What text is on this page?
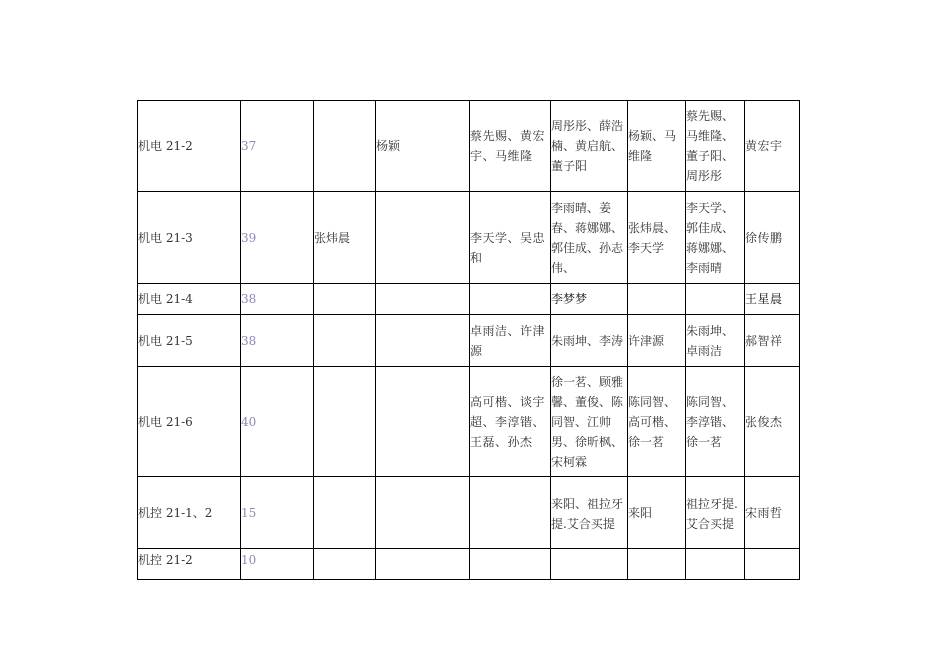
机电 21-2	37		杨颖	蔡先赐、黄宏宇、马维隆	周彤彤、薛浩楠、黄启航、董子阳	杨颖、马维隆	蔡先赐、马维隆、董子阳、周彤彤	黄宏宇
机电 21-3	39	张炜晨		李天学、吴忠和	李雨晴、姜春、蒋娜娜、郭佳成、孙志伟、	张炜晨、李天学	李天学、郭佳成、蒋娜娜、李雨晴	徐传鹏
机电 21-4	38				李梦梦			王星晨
机电 21-5	38			卓雨洁、许津源	朱雨坤、李涛	许津源	朱雨坤、卓雨洁	郝智祥
机电 21-6	40			高可楷、谈宇超、李淳锴、王磊、孙杰	徐一茗、顾雅馨、董俊、陈同智、江帅男、徐昕枫、宋柯霖	陈同智、高可楷、徐一茗	陈同智、李淳锴、徐一茗	张俊杰
机控 21-1、2	15				来阳、祖拉牙提.艾合买提	来阳	祖拉牙提.艾合买提	宋雨哲
机控 21-2	10							
